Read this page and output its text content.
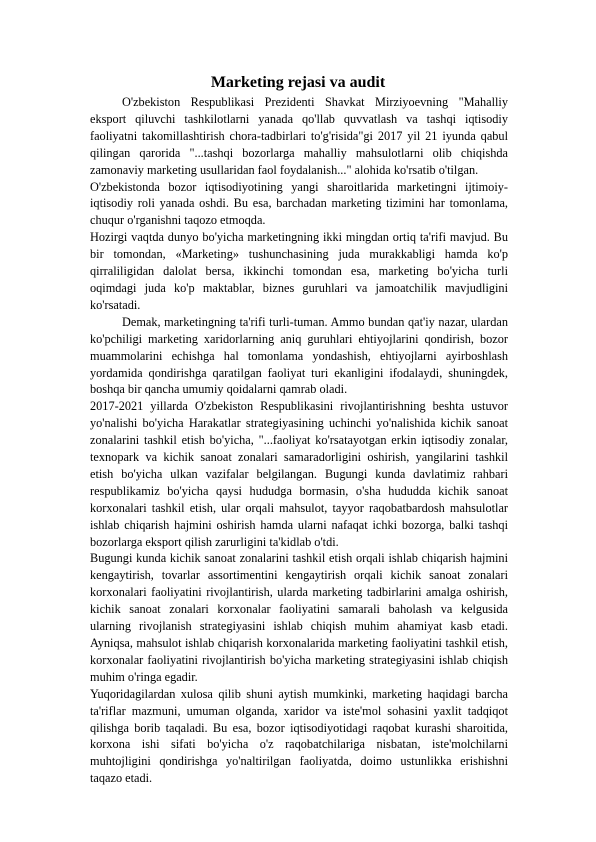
Marketing rejasi va audit

O'zbekiston Respublikasi Prezidenti Shavkat Mirziyoevning "Mahalliy eksport qiluvchi tashkilotlarni yanada qo'llab quvvatlash va tashqi iqtisodiy faoliyatni takomillashtirish chora-tadbirlari to'g'risida"gi 2017 yil 21 iyunda qabul qilingan qarorida "...tashqi bozorlarga mahalliy mahsulotlarni olib chiqishda zamonaviy marketing usullaridan faol foydalanish..." alohida ko'rsatib o'tilgan.

O'zbekistonda bozor iqtisodiyotining yangi sharoitlarida marketingni ijtimoiy-iqtisodiy roli yanada oshdi. Bu esa, barchadan marketing tizimini har tomonlama, chuqur o'rganishni taqozo etmoqda.

Hozirgi vaqtda dunyo bo'yicha marketingning ikki mingdan ortiq ta'rifi mavjud. Bu bir tomondan, «Marketing» tushunchasining juda murakkabligi hamda ko'p qirraliligidan dalolat bersa, ikkinchi tomondan esa, marketing bo'yicha turli oqimdagi juda ko'p maktablar, biznes guruhlari va jamoatchilik mavjudligini ko'rsatadi.

Demak, marketingning ta'rifi turli-tuman. Ammo bundan qat'iy nazar, ulardan ko'pchiligi marketing xaridorlarning aniq guruhlari ehtiyojlarini qondirish, bozor muammolarini echishga hal tomonlama yondashish, ehtiyojlarni ayirboshlash yordamida qondirishga qaratilgan faoliyat turi ekanligini ifodalaydi, shuningdek, boshqa bir qancha umumiy qoidalarni qamrab oladi.

2017-2021 yillarda O'zbekiston Respublikasini rivojlantirishning beshta ustuvor yo'nalishi bo'yicha Harakatlar strategiyasining uchinchi yo'nalishida kichik sanoat zonalarini tashkil etish bo'yicha, "...faoliyat ko'rsatayotgan erkin iqtisodiy zonalar, texnopark va kichik sanoat zonalari samaradorligini oshirish, yangilarini tashkil etish bo'yicha ulkan vazifalar belgilangan. Bugungi kunda davlatimiz rahbari respublikamiz bo'yicha qaysi hududga bormasin, o'sha hududda kichik sanoat korxonalari tashkil etish, ular orqali mahsulot, tayyor raqobatbardosh mahsulotlar ishlab chiqarish hajmini oshirish hamda ularni nafaqat ichki bozorga, balki tashqi bozorlarga eksport qilish zarurligini ta'kidlab o'tdi.

Bugungi kunda kichik sanoat zonalarini tashkil etish orqali ishlab chiqarish hajmini kengaytirish, tovarlar assortimentini kengaytirish orqali kichik sanoat zonalari korxonalari faoliyatini rivojlantirish, ularda marketing tadbirlarini amalga oshirish, kichik sanoat zonalari korxonalar faoliyatini samarali baholash va kelgusida ularning rivojlanish strategiyasini ishlab chiqish muhim ahamiyat kasb etadi. Ayniqsa, mahsulot ishlab chiqarish korxonalarida marketing faoliyatini tashkil etish, korxonalar faoliyatini rivojlantirish bo'yicha marketing strategiyasini ishlab chiqish muhim o'ringa egadir.

Yuqoridagilardan xulosa qilib shuni aytish mumkinki, marketing haqidagi barcha ta'riflar mazmuni, umuman olganda, xaridor va iste'mol sohasini yaxlit tadqiqot qilishga borib taqaladi. Bu esa, bozor iqtisodiyotidagi raqobat kurashi sharoitida, korxona ishi sifati bo'yicha o'z raqobatchilariga nisbatan, iste'molchilarni muhtojligini qondirishga yo'naltirilgan faoliyatda, doimo ustunlikka erishishni taqazo etadi.
